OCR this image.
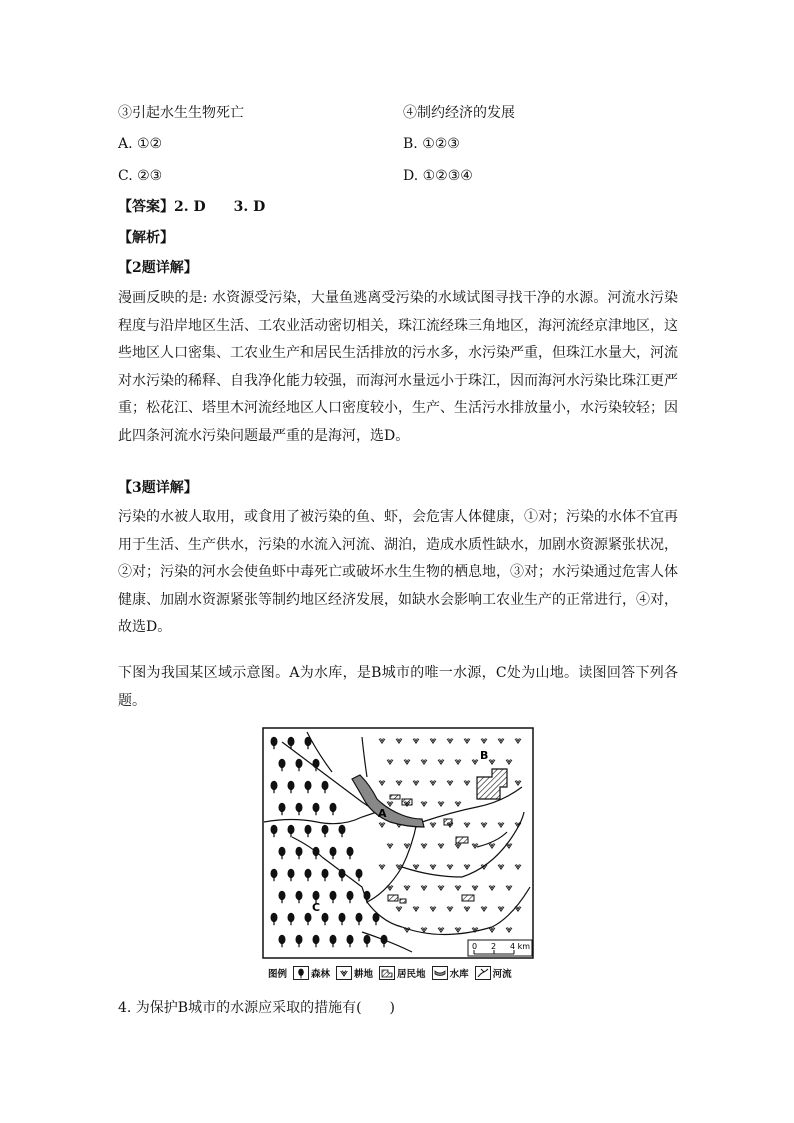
③引起水生生物死亡	④制约经济的发展
A. ①②	B. ①②③
C. ②③	D. ①②③④
【答案】2. D　　3. D
【解析】
【2题详解】
漫画反映的是: 水资源受污染，大量鱼逃离受污染的水域试图寻找干净的水源。河流水污染程度与沿岸地区生活、工农业活动密切相关，珠江流经珠三角地区，海河流经京津地区，这些地区人口密集、工农业生产和居民生活排放的污水多，水污染严重，但珠江水量大，河流对水污染的稀释、自我净化能力较强，而海河水量远小于珠江，因而海河水污染比珠江更严重；松花江、塔里木河流经地区人口密度较小，生产、生活污水排放量小，水污染较轻；因此四条河流水污染问题最严重的是海河，选D。
【3题详解】
污染的水被人取用，或食用了被污染的鱼、虾，会危害人体健康，①对；污染的水体不宜再用于生活、生产供水，污染的水流入河流、湖泊，造成水质性缺水，加剧水资源紧张状况，②对；污染的河水会使鱼虾中毒死亡或破坏水生生物的栖息地，③对；水污染通过危害人体健康、加剧水资源紧张等制约地区经济发展，如缺水会影响工农业生产的正常进行，④对，故选D。
下图为我国某区域示意图。A为水库，是B城市的唯一水源，C处为山地。读图回答下列各题。
A
B
C
0 2 4 km
图例	森林	耕地	居民地	水库	河流
4. 为保护B城市的水源应采取的措施有(　　)
